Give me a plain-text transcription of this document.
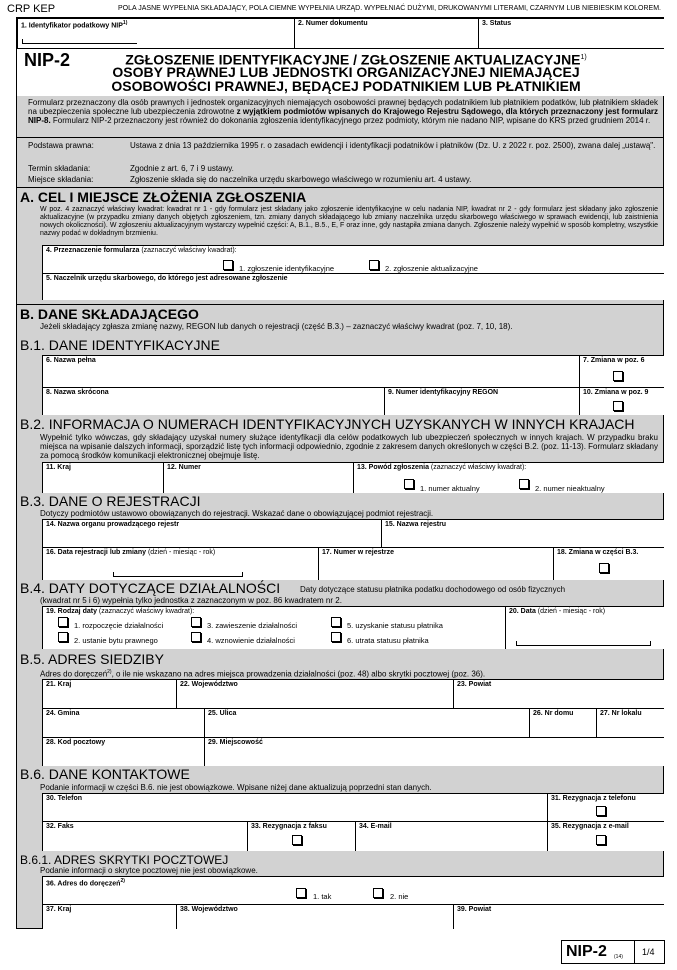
CRP KEP	POLA JASNE WYPEŁNIA SKŁADAJĄCY, POLA CIEMNE WYPEŁNIA URZĄD. WYPEŁNIAĆ DUŻYMI, DRUKOWANYMI LITERAMI, CZARNYM LUB NIEBIESKIM KOLOREM.
1. Identyfikator podatkowy NIP$^{1)}$	2. Numer dokumentu	3. Status
NIP-2	ZGŁOSZENIE IDENTYFIKACYJNE / ZGŁOSZENIE AKTUALIZACYJNE$^{1)}$
OSOBY PRAWNEJ LUB JEDNOSTKI ORGANIZACYJNEJ NIEMAJĄCEJ
OSOBOWOŚCI PRAWNEJ, BĘDĄCEJ PODATNIKIEM LUB PŁATNIKIEM
Formularz przeznaczony dla osób prawnych i jednostek organizacyjnych niemających osobowości prawnej będących podatnikiem lub płatnikiem podatków, lub płatnikiem składek na ubezpieczenia społeczne lub ubezpieczenia zdrowotne z wyjątkiem podmiotów wpisanych do Krajowego Rejestru Sądowego, dla których przeznaczony jest formularz NIP-8. Formularz NIP-2 przeznaczony jest również do dokonania zgłoszenia identyfikacyjnego przez podmioty, którym nie nadano NIP, wpisane do KRS przed grudniem 2014 r.
Podstawa prawna:	Ustawa z dnia 13 października 1995 r. o zasadach ewidencji i identyfikacji podatników i płatników (Dz. U. z 2022 r. poz. 2500), zwana dalej „ustawą".
Termin składania:	Zgodnie z art. 6, 7 i 9 ustawy.
Miejsce składania:	Zgłoszenie składa się do naczelnika urzędu skarbowego właściwego w rozumieniu art. 4 ustawy.
A. CEL I MIEJSCE ZŁOŻENIA ZGŁOSZENIA
W poz. 4 zaznaczyć właściwy kwadrat: kwadrat nr 1 - gdy formularz jest składany jako zgłoszenie identyfikacyjne w celu nadania NIP, kwadrat nr 2 - gdy formularz jest składany jako zgłoszenie aktualizacyjne (w przypadku zmiany danych objętych zgłoszeniem, tzn. zmiany danych składającego lub zmiany naczelnika urzędu skarbowego właściwego w sprawach ewidencji, lub zaistnienia nowych okoliczności). W zgłoszeniu aktualizacyjnym wystarczy wypełnić części: A, B.1., B.5., E, F oraz inne, gdy nastąpiła zmiana danych. Zgłoszenie należy wypełnić w sposób kompletny, wszystkie nazwy podać w dokładnym brzmieniu.
4. Przeznaczenie formularza (zaznaczyć właściwy kwadrat):
1. zgłoszenie identyfikacyjne	2. zgłoszenie aktualizacyjne
5. Naczelnik urzędu skarbowego, do którego jest adresowane zgłoszenie
B. DANE SKŁADAJĄCEGO
Jeżeli składający zgłasza zmianę nazwy, REGON lub danych o rejestracji (część B.3.) – zaznaczyć właściwy kwadrat (poz. 7, 10, 18).
B.1. DANE IDENTYFIKACYJNE
6. Nazwa pełna	7. Zmiana w poz. 6
8. Nazwa skrócona	9. Numer identyfikacyjny REGON	10. Zmiana w poz. 9
B.2. INFORMACJA O NUMERACH IDENTYFIKACYJNYCH UZYSKANYCH W INNYCH KRAJACH
Wypełnić tylko wówczas, gdy składający uzyskał numery służące identyfikacji dla celów podatkowych lub ubezpieczeń społecznych w innych krajach. W przypadku braku miejsca na wpisanie dalszych informacji, sporządzić listę tych informacji odpowiednio, zgodnie z zakresem danych określonych w części B.2. (poz. 11-13). Formularz składany za pomocą środków komunikacji elektronicznej obejmuje listę.
11. Kraj	12. Numer	13. Powód zgłoszenia (zaznaczyć właściwy kwadrat):
1. numer aktualny	2. numer nieaktualny
B.3. DANE O REJESTRACJI
Dotyczy podmiotów ustawowo obowiązanych do rejestracji. Wskazać dane o obowiązującej podmiot rejestracji.
14. Nazwa organu prowadzącego rejestr	15. Nazwa rejestru
16. Data rejestracji lub zmiany (dzień - miesiąc - rok)	17. Numer w rejestrze	18. Zmiana w części B.3.
B.4. DATY DOTYCZĄCE DZIAŁALNOŚCI Daty dotyczące statusu płatnika podatku dochodowego od osób fizycznych
(kwadrat nr 5 i 6) wypełnia tylko jednostka z zaznaczonym w poz. 86 kwadratem nr 2.
19. Rodzaj daty (zaznaczyć właściwy kwadrat):
1. rozpoczęcie działalności
2. ustanie bytu prawnego
3. zawieszenie działalności
4. wznowienie działalności
5. uzyskanie statusu płatnika
6. utrata statusu płatnika
20. Data (dzień - miesiąc - rok)
B.5. ADRES SIEDZIBY
Adres do doręczeń$^{2)}$, o ile nie wskazano na adres miejsca prowadzenia działalności (poz. 48) albo skrytki pocztowej (poz. 36).
21. Kraj	22. Województwo	23. Powiat
24. Gmina	25. Ulica	26. Nr domu	27. Nr lokalu
28. Kod pocztowy	29. Miejscowość
B.6. DANE KONTAKTOWE
Podanie informacji w części B.6. nie jest obowiązkowe. Wpisane niżej dane aktualizują poprzedni stan danych.
30. Telefon	31. Rezygnacja z telefonu
32. Faks	33. Rezygnacja z faksu	34. E-mail	35. Rezygnacja z e-mail
B.6.1. ADRES SKRYTKI POCZTOWEJ
Podanie informacji o skrytce pocztowej nie jest obowiązkowe.
36. Adres do doręczeń$^{2)}$
1. tak	2. nie
37. Kraj	38. Województwo	39. Powiat
NIP-2 (14) 1/4
